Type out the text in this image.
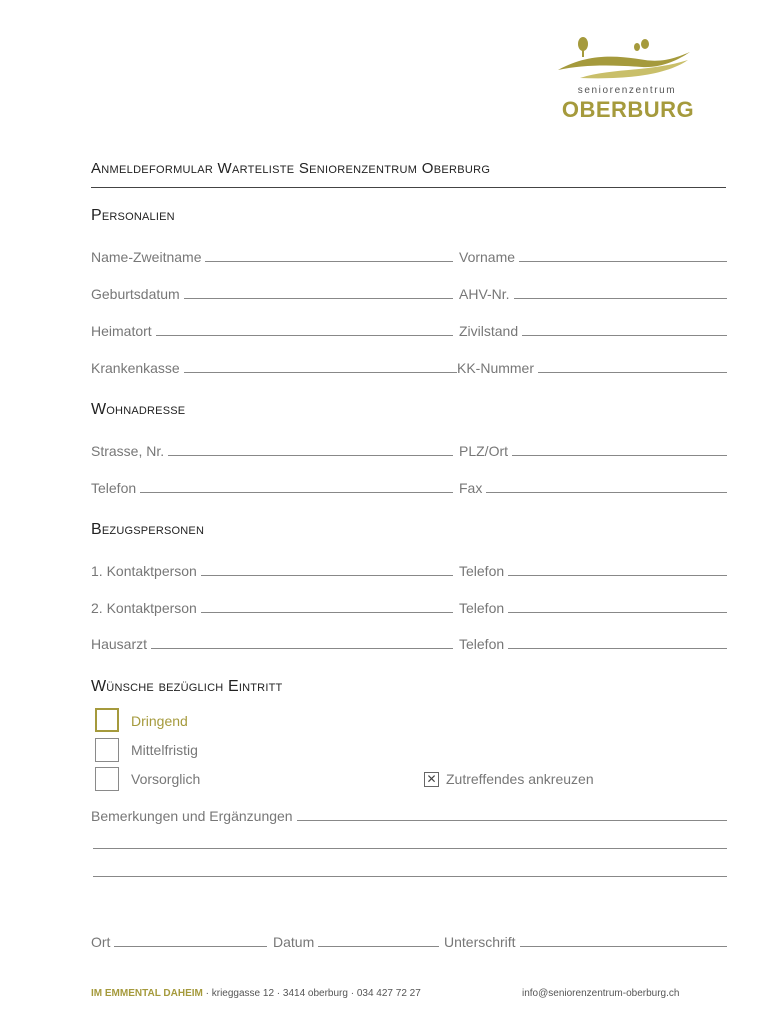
seniorenzentrum
OBERBURG
Anmeldeformular Warteliste Seniorenzentrum Oberburg
Personalien
Name-Zweitname	Vorname
Geburtsdatum	AHV-Nr.
Heimatort	Zivilstand
Krankenkasse	KK-Nummer
Wohnadresse
Strasse, Nr.	PLZ/Ort
Telefon	Fax
Bezugspersonen
1. Kontaktperson	Telefon
2. Kontaktperson	Telefon
Hausarzt	Telefon
Wünsche bezüglich Eintritt
Dringend
Mittelfristig
Vorsorglich	✕ Zutreffendes ankreuzen
Bemerkungen und Ergänzungen
Ort	Datum	Unterschrift
IM EMMENTAL DAHEIM · krieggasse 12 · 3414 oberburg · 034 427 72 27	info@seniorenzentrum-oberburg.ch
